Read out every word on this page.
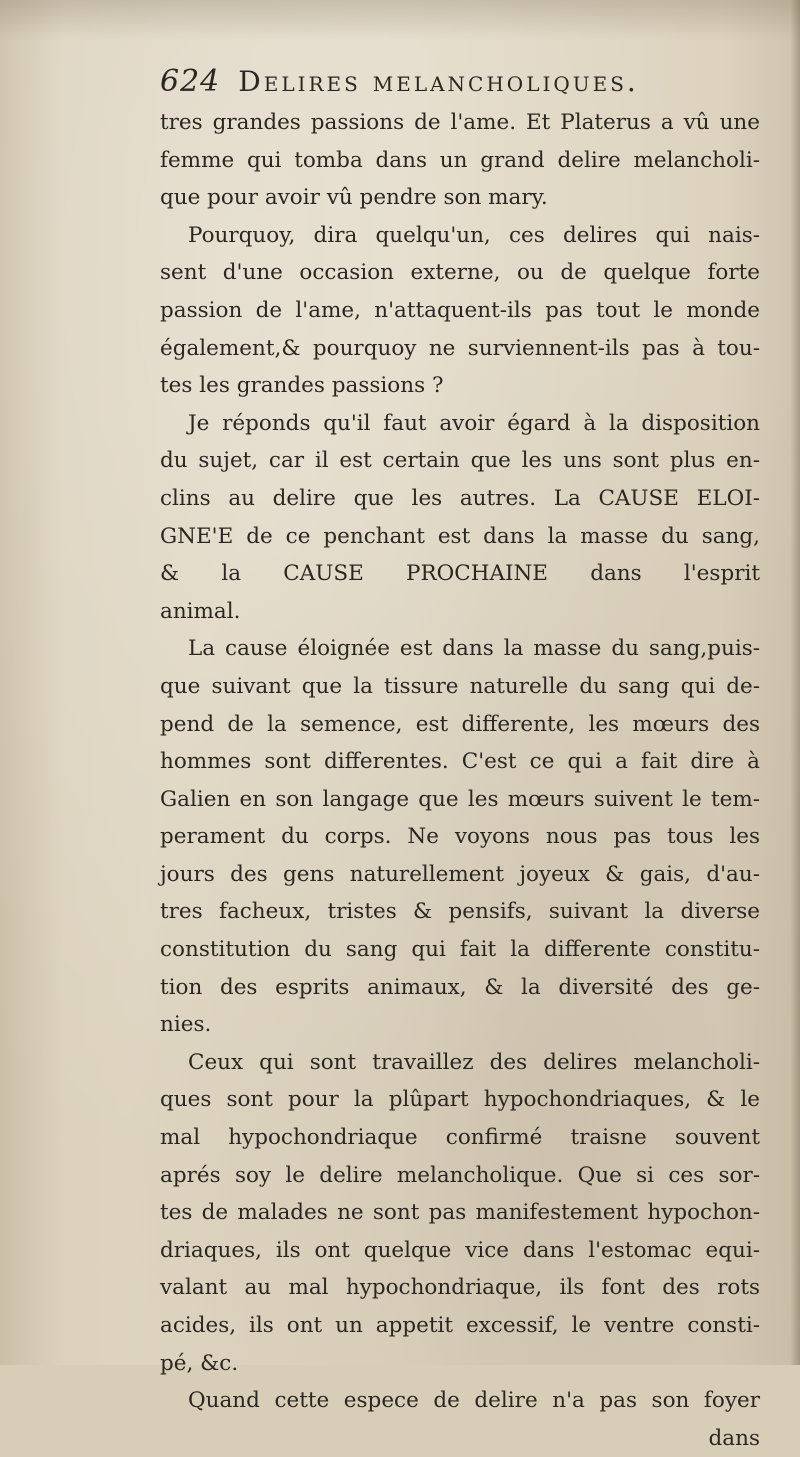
624 Delires melancholiques.
tres grandes passions de l'ame. Et Platerus a vû une
femme qui tomba dans un grand delire melancholi-
que pour avoir vû pendre son mary.
Pourquoy, dira quelqu'un, ces delires qui nais-
sent d'une occasion externe, ou de quelque forte
passion de l'ame, n'attaquent-ils pas tout le monde
également,& pourquoy ne surviennent-ils pas à tou-
tes les grandes passions ?
Je réponds qu'il faut avoir égard à la disposition
du sujet, car il est certain que les uns sont plus en-
clins au delire que les autres. La CAUSE ELOI-
GNE'E de ce penchant est dans la masse du sang,
& la CAUSE PROCHAINE dans l'esprit
animal.
La cause éloignée est dans la masse du sang,puis-
que suivant que la tissure naturelle du sang qui de-
pend de la semence, est differente, les mœurs des
hommes sont differentes. C'est ce qui a fait dire à
Galien en son langage que les mœurs suivent le tem-
perament du corps. Ne voyons nous pas tous les
jours des gens naturellement joyeux & gais, d'au-
tres facheux, tristes & pensifs, suivant la diverse
constitution du sang qui fait la differente constitu-
tion des esprits animaux, & la diversité des ge-
nies.
Ceux qui sont travaillez des delires melancholi-
ques sont pour la plûpart hypochondriaques, & le
mal hypochondriaque confirmé traisne souvent
aprés soy le delire melancholique. Que si ces sor-
tes de malades ne sont pas manifestement hypochon-
driaques, ils ont quelque vice dans l'estomac equi-
valant au mal hypochondriaque, ils font des rots
acides, ils ont un appetit excessif, le ventre consti-
pé, &c.
Quand cette espece de delire n'a pas son foyer
dans
